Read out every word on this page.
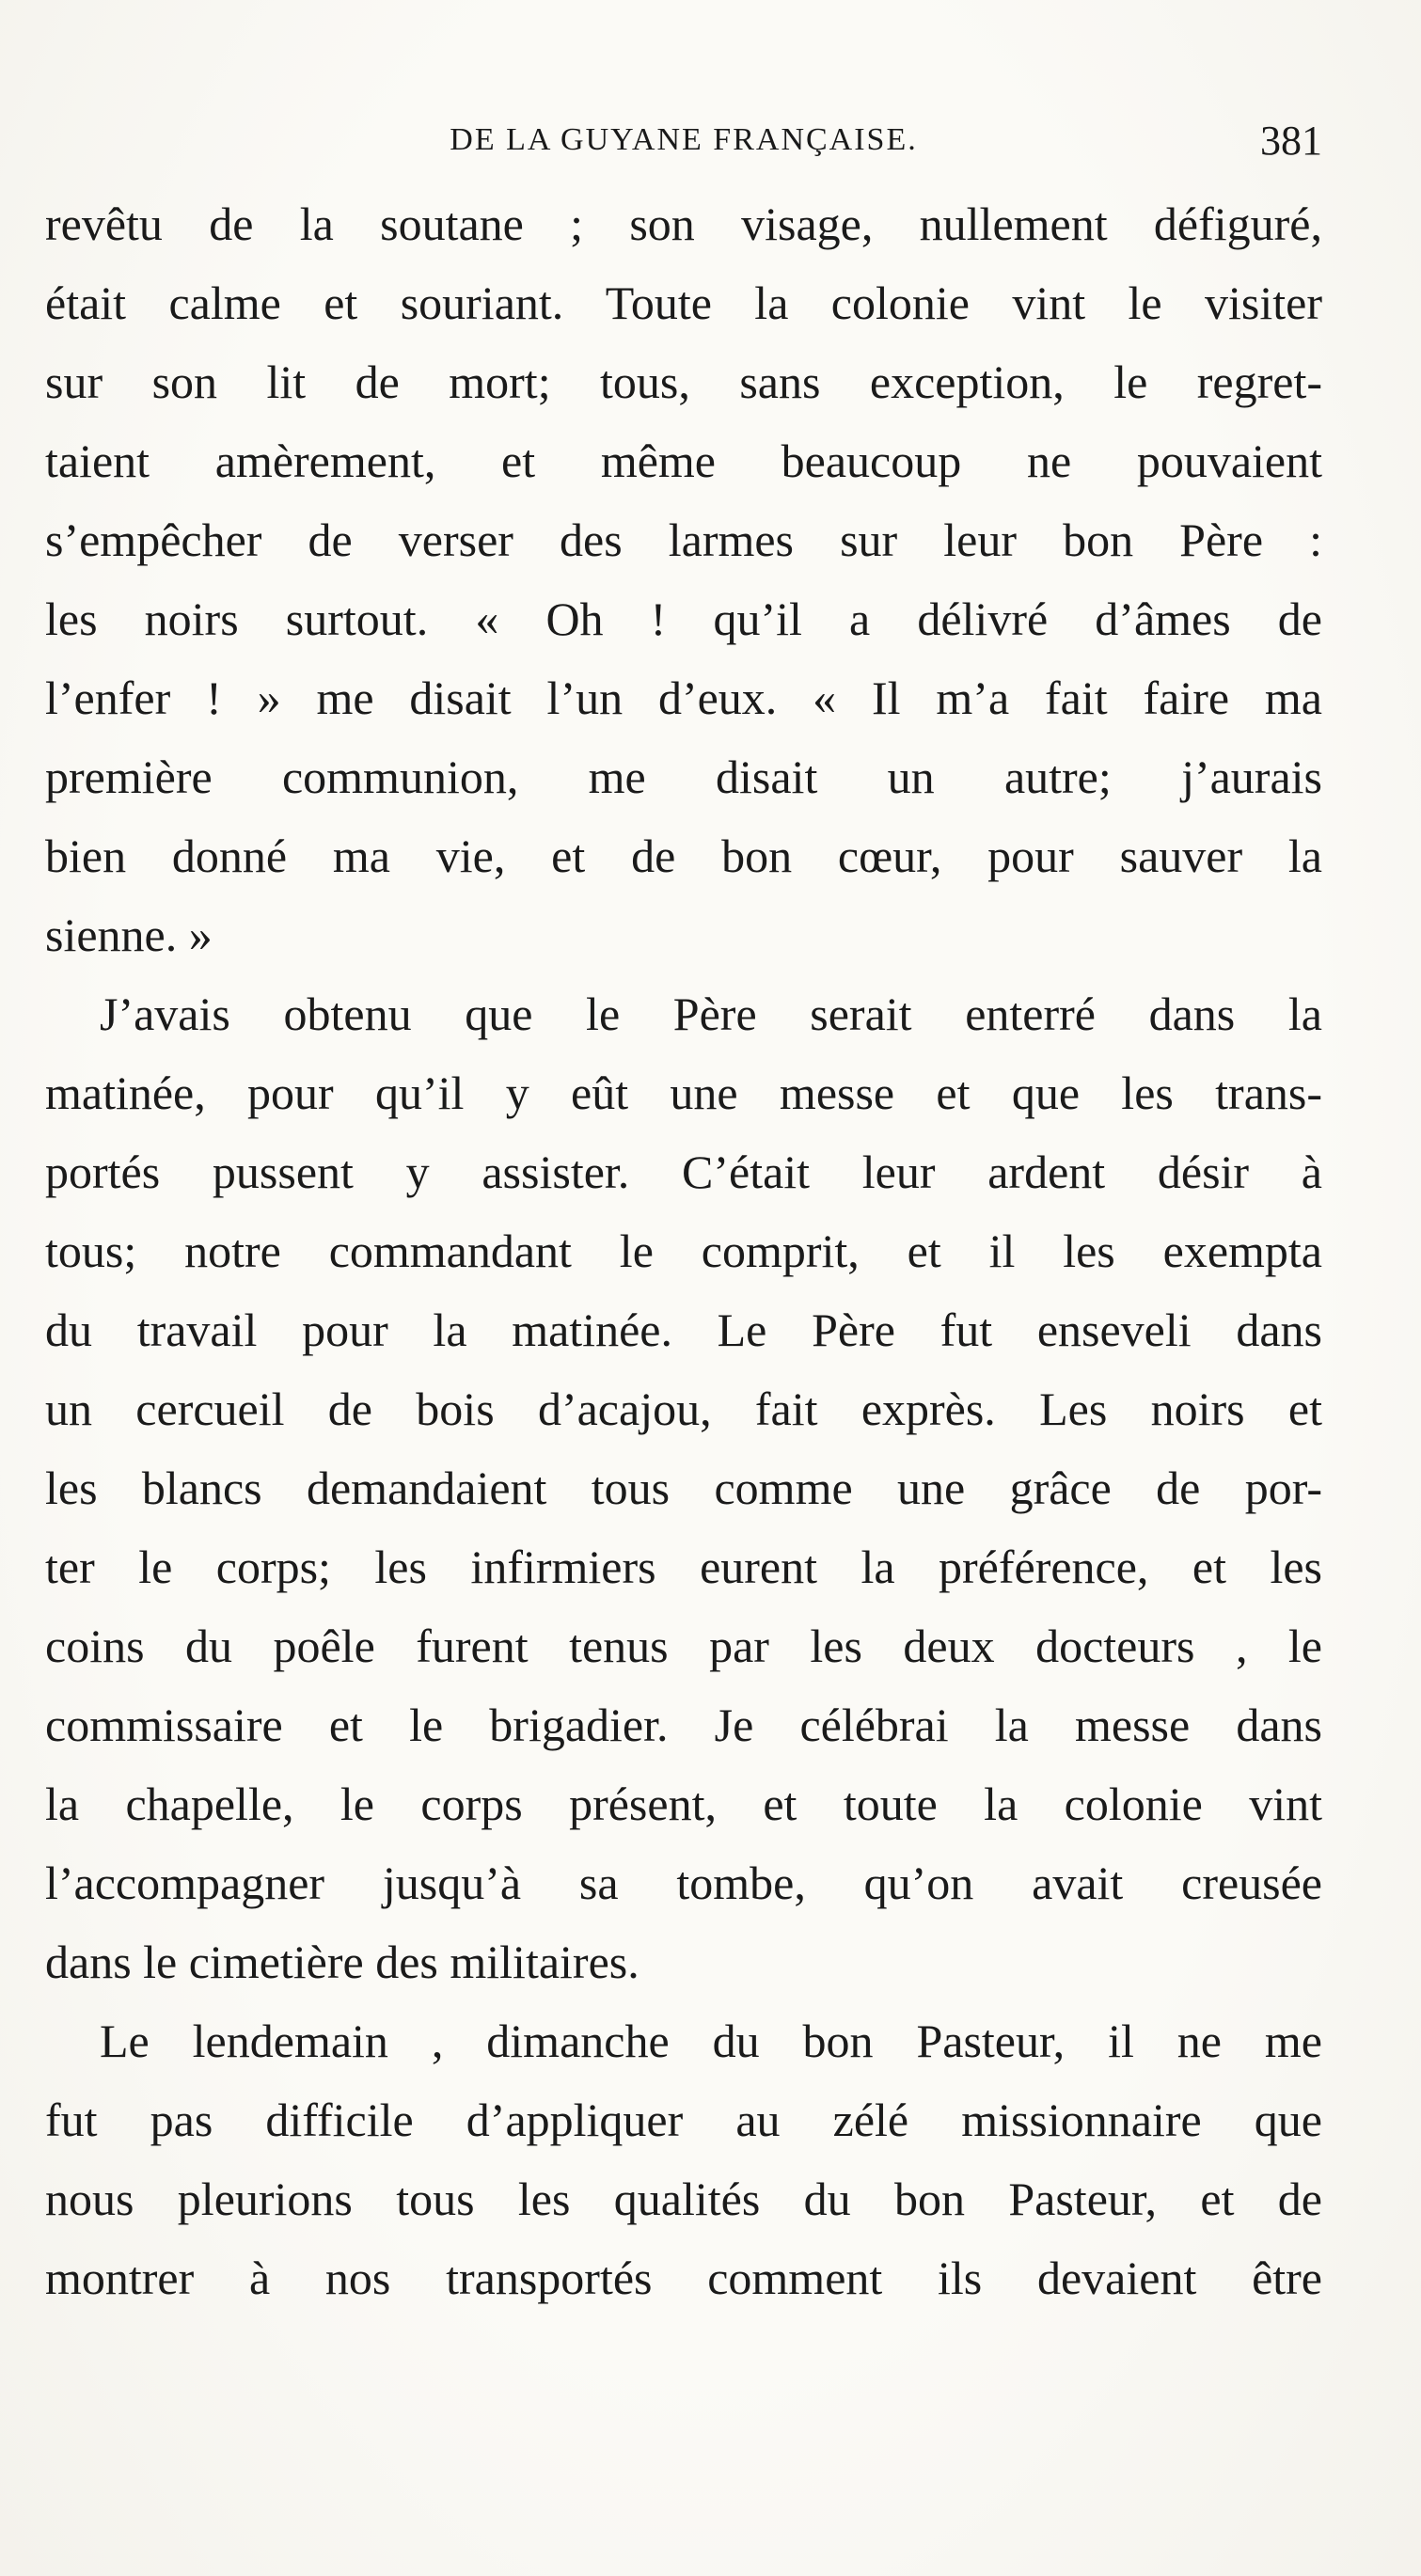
DE LA GUYANE FRANÇAISE.	381
revêtu de la soutane ; son visage, nullement défiguré,
était calme et souriant. Toute la colonie vint le visiter
sur son lit de mort; tous, sans exception, le regret-
taient amèrement, et même beaucoup ne pouvaient
s’empêcher de verser des larmes sur leur bon Père :
les noirs surtout. « Oh ! qu’il a délivré d’âmes de
l’enfer ! » me disait l’un d’eux. « Il m’a fait faire ma
première communion, me disait un autre; j’aurais
bien donné ma vie, et de bon cœur, pour sauver la
sienne. »
J’avais obtenu que le Père serait enterré dans la
matinée, pour qu’il y eût une messe et que les trans-
portés pussent y assister. C’était leur ardent désir à
tous; notre commandant le comprit, et il les exempta
du travail pour la matinée. Le Père fut enseveli dans
un cercueil de bois d’acajou, fait exprès. Les noirs et
les blancs demandaient tous comme une grâce de por-
ter le corps; les infirmiers eurent la préférence, et les
coins du poêle furent tenus par les deux docteurs , le
commissaire et le brigadier. Je célébrai la messe dans
la chapelle, le corps présent, et toute la colonie vint
l’accompagner jusqu’à sa tombe, qu’on avait creusée
dans le cimetière des militaires.
Le lendemain , dimanche du bon Pasteur, il ne me
fut pas difficile d’appliquer au zélé missionnaire que
nous pleurions tous les qualités du bon Pasteur, et de
montrer à nos transportés comment ils devaient être
